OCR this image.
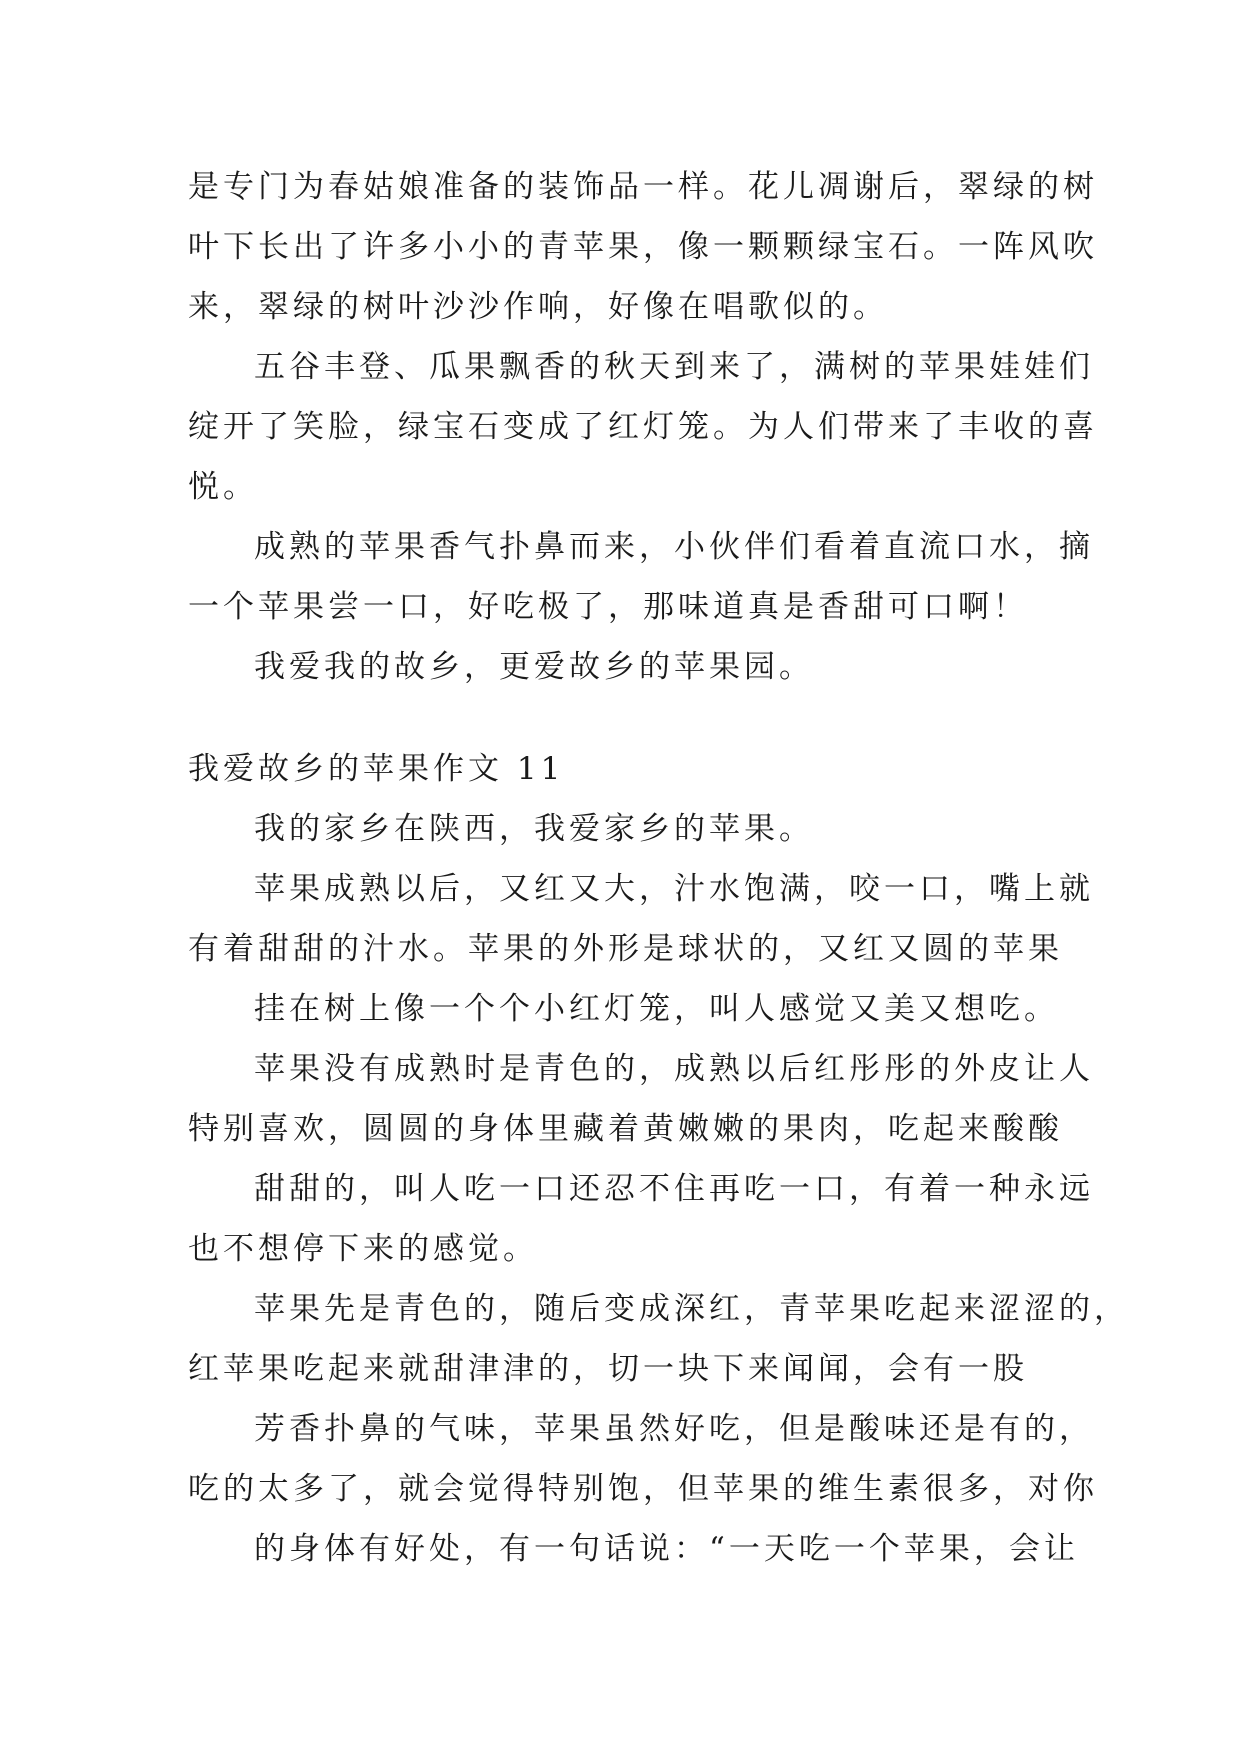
是专门为春姑娘准备的装饰品一样。花儿凋谢后，翠绿的树
叶下长出了许多小小的青苹果，像一颗颗绿宝石。一阵风吹
来，翠绿的树叶沙沙作响，好像在唱歌似的。
五谷丰登、瓜果飘香的秋天到来了，满树的苹果娃娃们
绽开了笑脸，绿宝石变成了红灯笼。为人们带来了丰收的喜
悦。
成熟的苹果香气扑鼻而来，小伙伴们看着直流口水，摘
一个苹果尝一口，好吃极了，那味道真是香甜可口啊！
我爱我的故乡，更爱故乡的苹果园。
我爱故乡的苹果作文 11
我的家乡在陕西，我爱家乡的苹果。
苹果成熟以后，又红又大，汁水饱满，咬一口，嘴上就
有着甜甜的汁水。苹果的外形是球状的，又红又圆的苹果
挂在树上像一个个小红灯笼，叫人感觉又美又想吃。
苹果没有成熟时是青色的，成熟以后红彤彤的外皮让人
特别喜欢，圆圆的身体里藏着黄嫩嫩的果肉，吃起来酸酸
甜甜的，叫人吃一口还忍不住再吃一口，有着一种永远
也不想停下来的感觉。
苹果先是青色的，随后变成深红，青苹果吃起来涩涩的，
红苹果吃起来就甜津津的，切一块下来闻闻，会有一股
芳香扑鼻的气味，苹果虽然好吃，但是酸味还是有的，
吃的太多了，就会觉得特别饱，但苹果的维生素很多，对你
的身体有好处，有一句话说：“一天吃一个苹果，会让
